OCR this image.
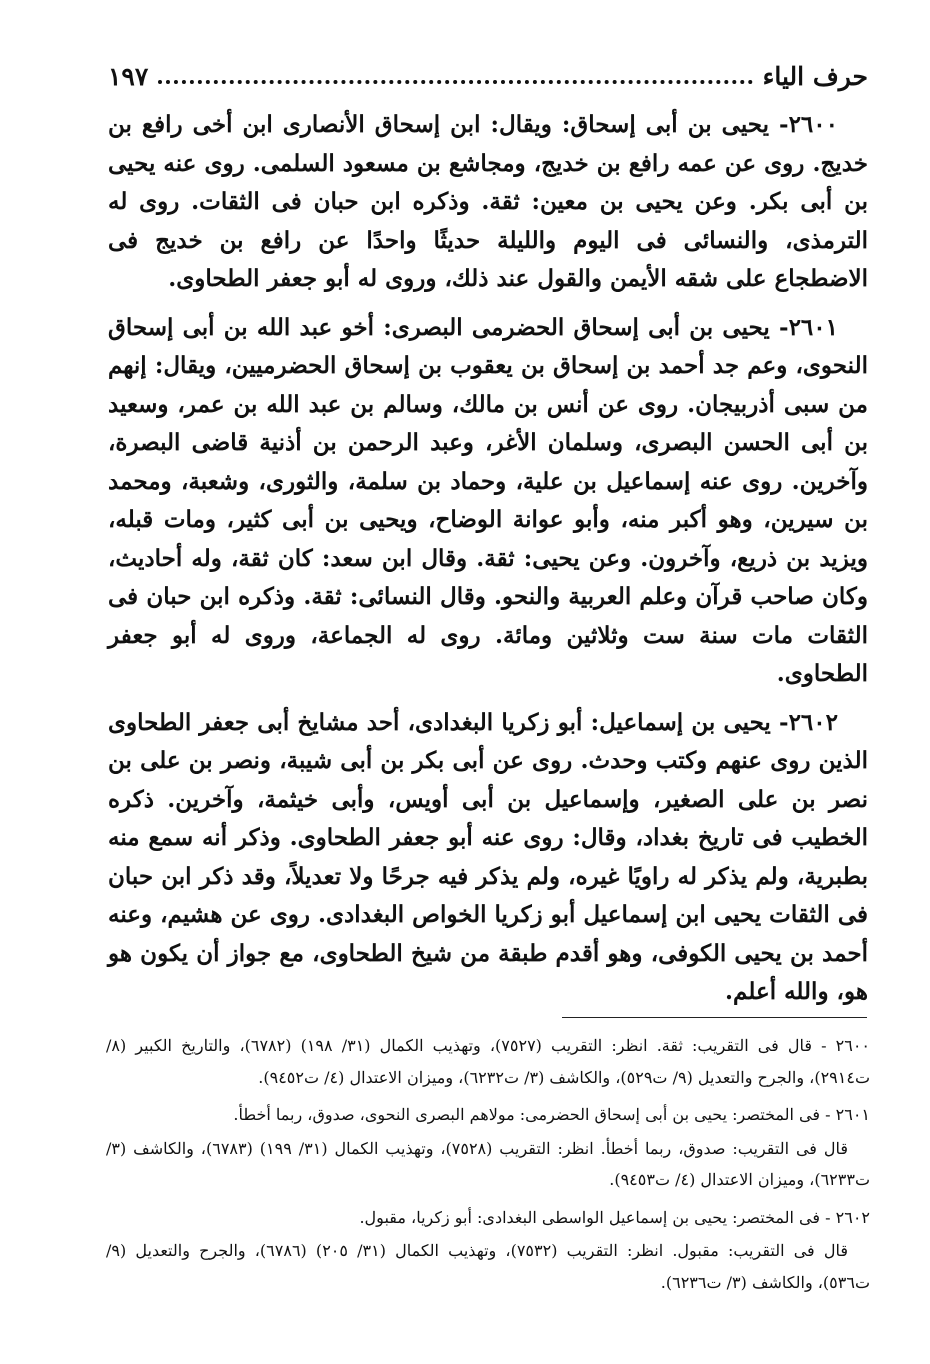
حرف الياء
١٩٧

٢٦٠٠- يحيى بن أبى إسحاق: ويقال: ابن إسحاق الأنصارى ابن أخى رافع بن خديج. روى عن عمه رافع بن خديج، ومجاشع بن مسعود السلمى. روى عنه يحيى بن أبى بكر. وعن يحيى بن معين: ثقة. وذكره ابن حبان فى الثقات. روى له الترمذى، والنسائى فى اليوم والليلة حديثًا واحدًا عن رافع بن خديج فى الاضطجاع على شقه الأيمن والقول عند ذلك، وروى له أبو جعفر الطحاوى.

٢٦٠١- يحيى بن أبى إسحاق الحضرمى البصرى: أخو عبد الله بن أبى إسحاق النحوى، وعم جد أحمد بن إسحاق بن يعقوب بن إسحاق الحضرميين، ويقال: إنهم من سبى أذربيجان. روى عن أنس بن مالك، وسالم بن عبد الله بن عمر، وسعيد بن أبى الحسن البصرى، وسلمان الأغر، وعبد الرحمن بن أذنية قاضى البصرة، وآخرين. روى عنه إسماعيل بن علية، وحماد بن سلمة، والثورى، وشعبة، ومحمد بن سيرين، وهو أكبر منه، وأبو عوانة الوضاح، ويحيى بن أبى كثير، ومات قبله، ويزيد بن ذريع، وآخرون. وعن يحيى: ثقة. وقال ابن سعد: كان ثقة، وله أحاديث، وكان صاحب قرآن وعلم العربية والنحو. وقال النسائى: ثقة. وذكره ابن حبان فى الثقات مات سنة ست وثلاثين ومائة. روى له الجماعة، وروى له أبو جعفر الطحاوى.

٢٦٠٢- يحيى بن إسماعيل: أبو زكريا البغدادى، أحد مشايخ أبى جعفر الطحاوى الذين روى عنهم وكتب وحدث. روى عن أبى بكر بن أبى شيبة، ونصر بن على بن نصر بن على الصغير، وإسماعيل بن أبى أويس، وأبى خيثمة، وآخرين. ذكره الخطيب فى تاريخ بغداد، وقال: روى عنه أبو جعفر الطحاوى. وذكر أنه سمع منه بطبرية، ولم يذكر له راويًا غيره، ولم يذكر فيه جرحًا ولا تعديلاً، وقد ذكر ابن حبان فى الثقات يحيى ابن إسماعيل أبو زكريا الخواص البغدادى. روى عن هشيم، وعنه أحمد بن يحيى الكوفى، وهو أقدم طبقة من شيخ الطحاوى، مع جواز أن يكون هو هو، والله أعلم.

٢٦٠٠ - قال فى التقريب: ثقة. انظر: التقريب (٧٥٢٧)، وتهذيب الكمال (٣١/ ١٩٨) (٦٧٨٢)، والتاريخ الكبير (٨/ ت٢٩١٤)، والجرح والتعديل (٩/ ت٥٢٩)، والكاشف (٣/ ت٦٢٣٢)، وميزان الاعتدال (٤/ ت٩٤٥٢).

٢٦٠١ - فى المختصر: يحيى بن أبى إسحاق الحضرمى: مولاهم البصرى النحوى، صدوق، ربما أخطأ.

قال فى التقريب: صدوق، ربما أخطأ. انظر: التقريب (٧٥٢٨)، وتهذيب الكمال (٣١/ ١٩٩) (٦٧٨٣)، والكاشف (٣/ ت٦٢٣٣)، وميزان الاعتدال (٤/ ت٩٤٥٣).

٢٦٠٢ - فى المختصر: يحيى بن إسماعيل الواسطى البغدادى: أبو زكريا، مقبول.

قال فى التقريب: مقبول. انظر: التقريب (٧٥٣٢)، وتهذيب الكمال (٣١/ ٢٠٥) (٦٧٨٦)، والجرح والتعديل (٩/ ت٥٣٦)، والكاشف (٣/ ت٦٢٣٦).
